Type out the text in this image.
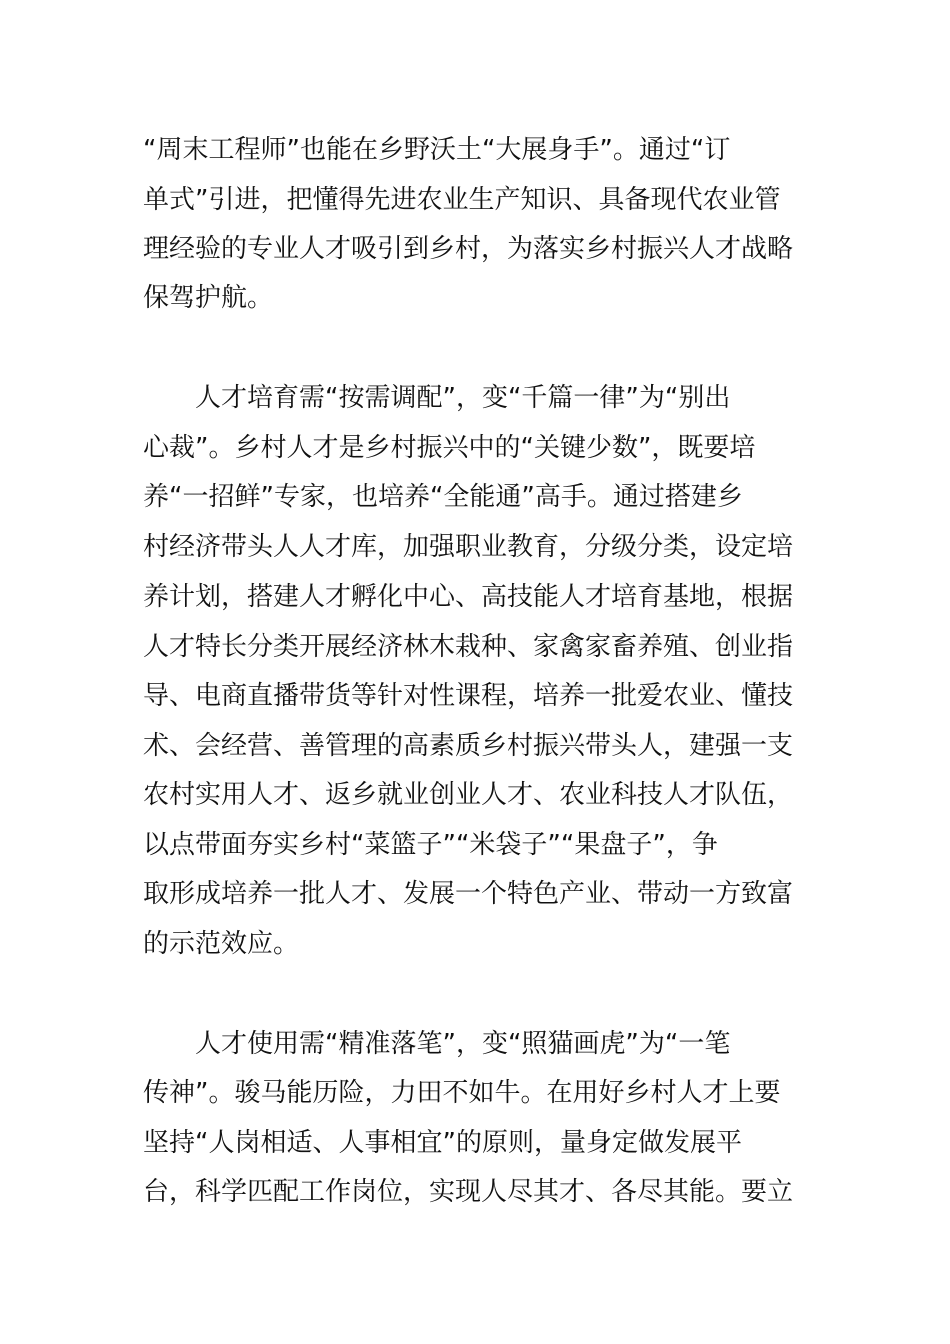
“周末工程师”也能在乡野沃土“大展身手”。通过“订
单式”引进，把懂得先进农业生产知识、具备现代农业管
理经验的专业人才吸引到乡村，为落实乡村振兴人才战略
保驾护航。
人才培育需“按需调配”，变“千篇一律”为“别出
心裁”。乡村人才是乡村振兴中的“关键少数”，既要培
养“一招鲜”专家，也培养“全能通”高手。通过搭建乡
村经济带头人人才库，加强职业教育，分级分类，设定培
养计划，搭建人才孵化中心、高技能人才培育基地，根据
人才特长分类开展经济林木栽种、家禽家畜养殖、创业指
导、电商直播带货等针对性课程，培养一批爱农业、懂技
术、会经营、善管理的高素质乡村振兴带头人，建强一支
农村实用人才、返乡就业创业人才、农业科技人才队伍，
以点带面夯实乡村“菜篮子”“米袋子”“果盘子”，争
取形成培养一批人才、发展一个特色产业、带动一方致富
的示范效应。
人才使用需“精准落笔”，变“照猫画虎”为“一笔
传神”。骏马能历险，力田不如牛。在用好乡村人才上要
坚持“人岗相适、人事相宜”的原则，量身定做发展平
台，科学匹配工作岗位，实现人尽其才、各尽其能。要立
